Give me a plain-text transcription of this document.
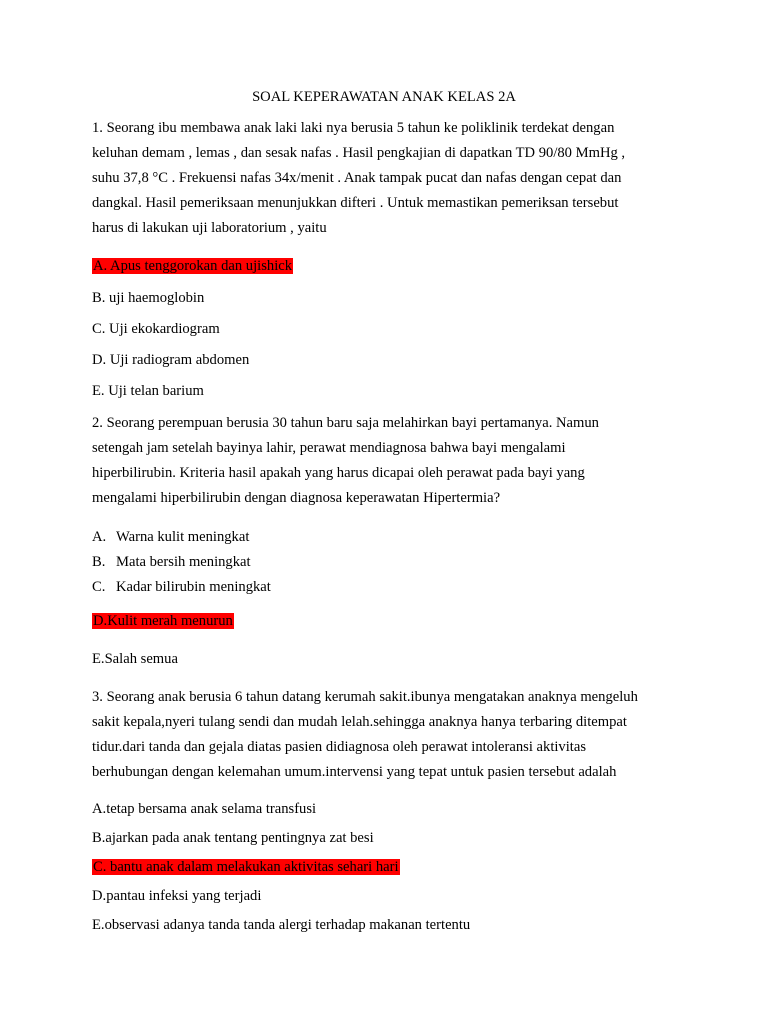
SOAL KEPERAWATAN ANAK KELAS 2A
1. Seorang ibu membawa anak laki laki nya berusia 5 tahun ke poliklinik terdekat dengan
keluhan demam , lemas , dan sesak nafas . Hasil pengkajian di dapatkan TD 90/80 MmHg ,
suhu 37,8 °C . Frekuensi nafas 34x/menit . Anak tampak pucat dan nafas dengan cepat dan
dangkal. Hasil pemeriksaan menunjukkan difteri . Untuk memastikan pemeriksan tersebut
harus di lakukan uji laboratorium , yaitu
A. Apus tenggorokan dan ujishick
B. uji haemoglobin
C. Uji ekokardiogram
D. Uji radiogram abdomen
E. Uji telan barium
2. Seorang perempuan berusia 30 tahun baru saja melahirkan bayi pertamanya. Namun
setengah jam setelah bayinya lahir, perawat mendiagnosa bahwa bayi mengalami
hiperbilirubin. Kriteria hasil apakah yang harus dicapai oleh perawat pada bayi yang
mengalami hiperbilirubin dengan diagnosa keperawatan Hipertermia?
A. Warna kulit meningkat
B. Mata bersih meningkat
C. Kadar bilirubin meningkat
D.Kulit merah menurun
E.Salah semua
3. Seorang anak berusia 6 tahun datang kerumah sakit.ibunya mengatakan anaknya mengeluh
sakit kepala,nyeri tulang sendi dan mudah lelah.sehingga anaknya hanya terbaring ditempat
tidur.dari tanda dan gejala diatas pasien didiagnosa oleh perawat intoleransi aktivitas
berhubungan dengan kelemahan umum.intervensi yang tepat untuk pasien tersebut adalah
A.tetap bersama anak selama transfusi
B.ajarkan pada anak tentang pentingnya zat besi
C. bantu anak dalam melakukan aktivitas sehari hari
D.pantau infeksi yang terjadi
E.observasi adanya tanda tanda alergi terhadap makanan tertentu
